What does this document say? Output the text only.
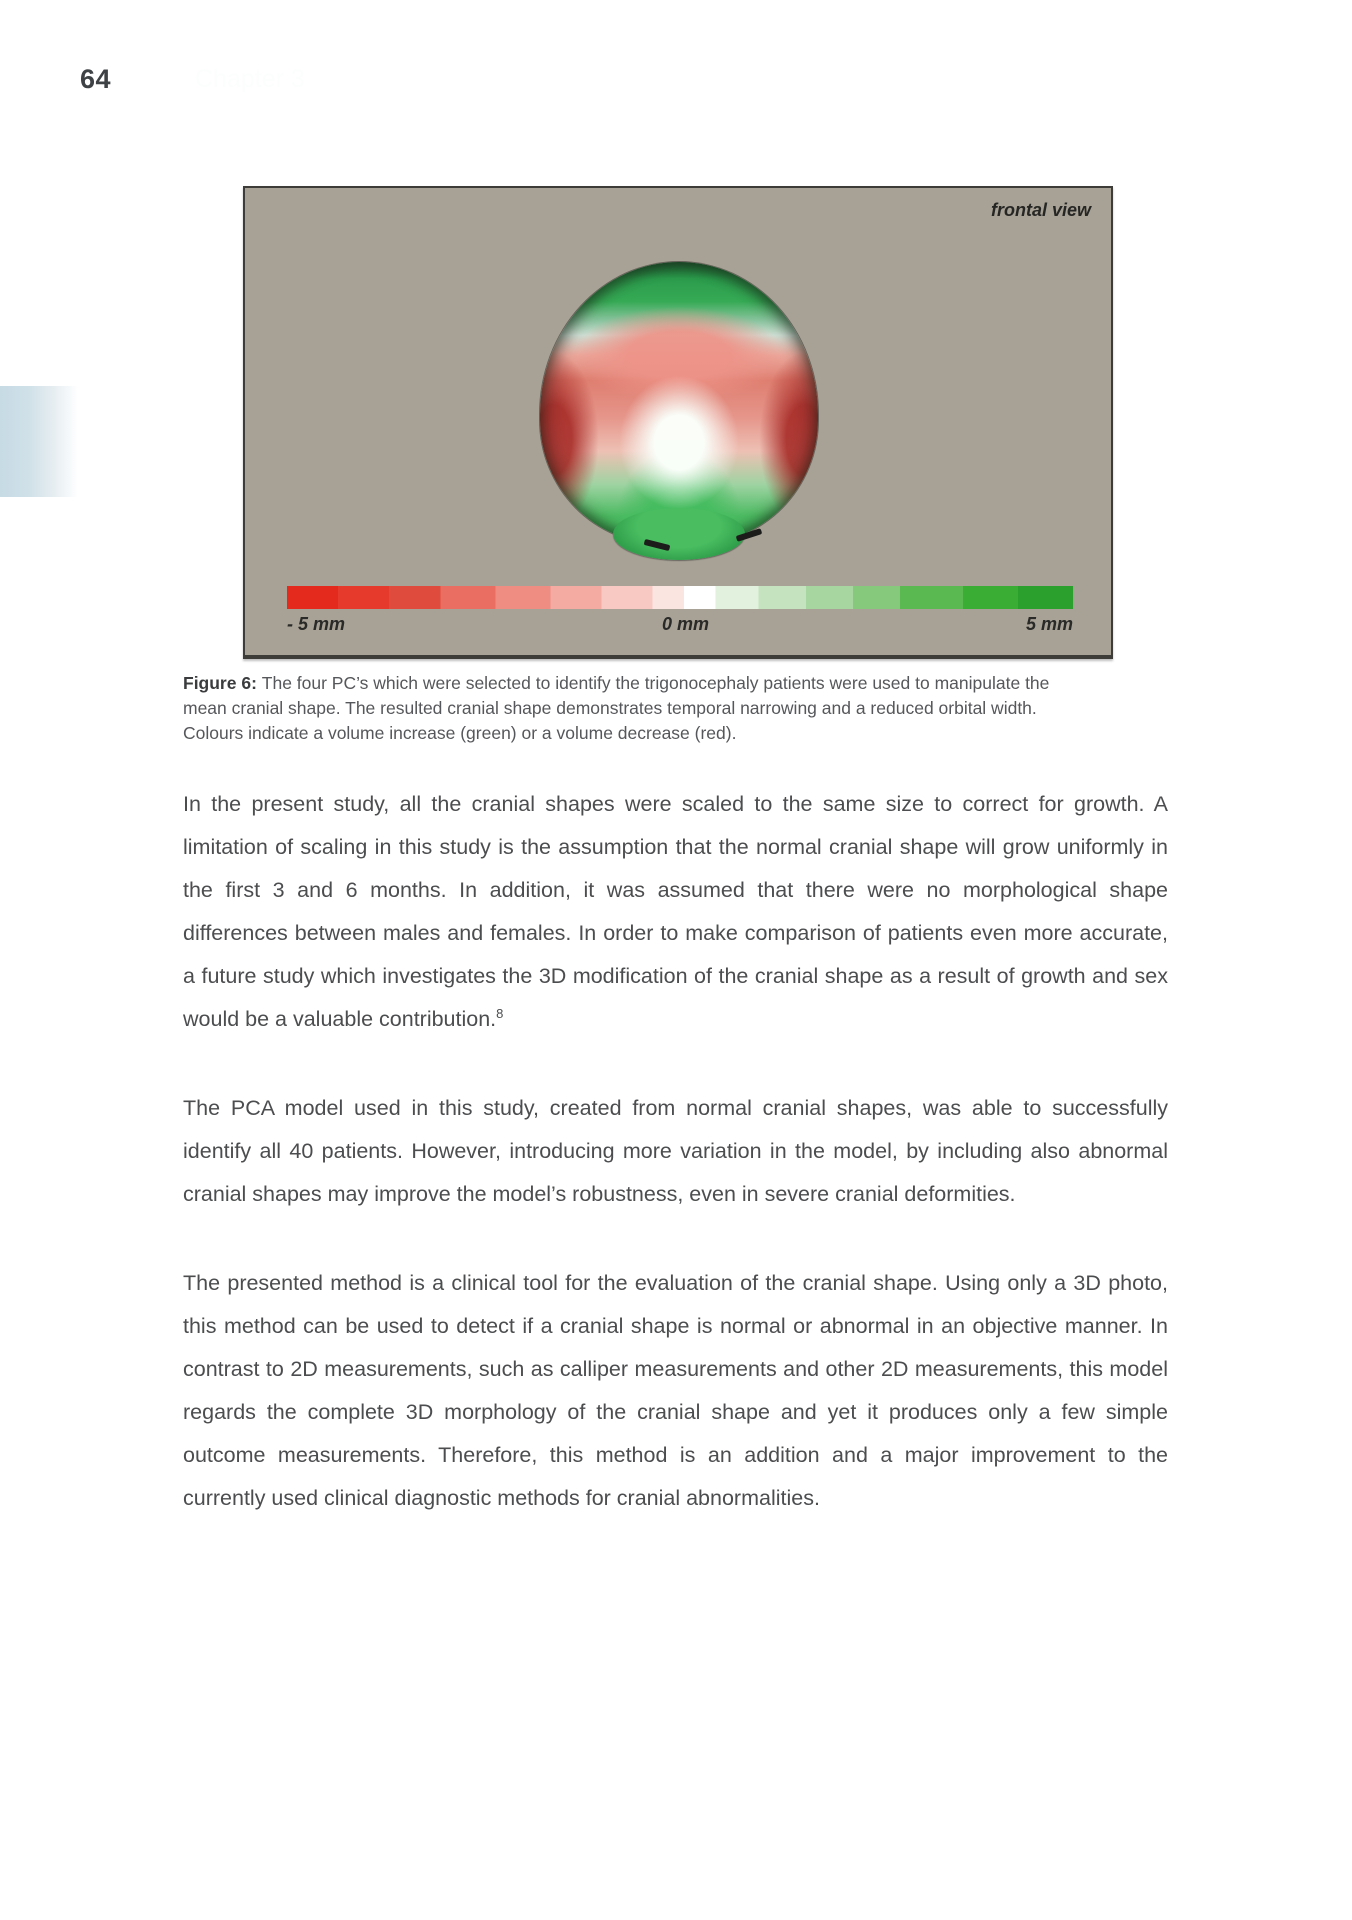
64	Chapter 3
frontal view
- 5 mm	0 mm	5 mm

Figure 6: The four PC’s which were selected to identify the trigonocephaly patients were used to manipulate the mean cranial shape. The resulted cranial shape demonstrates temporal narrowing and a reduced orbital width. Colours indicate a volume increase (green) or a volume decrease (red).

In the present study, all the cranial shapes were scaled to the same size to correct for growth. A limitation of scaling in this study is the assumption that the normal cranial shape will grow uniformly in the first 3 and 6 months. In addition, it was assumed that there were no morphological shape differences between males and females. In order to make comparison of patients even more accurate, a future study which investigates the 3D modification of the cranial shape as a result of growth and sex would be a valuable contribution.$^8$

The PCA model used in this study, created from normal cranial shapes, was able to successfully identify all 40 patients. However, introducing more variation in the model, by including also abnormal cranial shapes may improve the model’s robustness, even in severe cranial deformities.

The presented method is a clinical tool for the evaluation of the cranial shape. Using only a 3D photo, this method can be used to detect if a cranial shape is normal or abnormal in an objective manner. In contrast to 2D measurements, such as calliper measurements and other 2D measurements, this model regards the complete 3D morphology of the cranial shape and yet it produces only a few simple outcome measurements. Therefore, this method is an addition and a major improvement to the currently used clinical diagnostic methods for cranial abnormalities.
